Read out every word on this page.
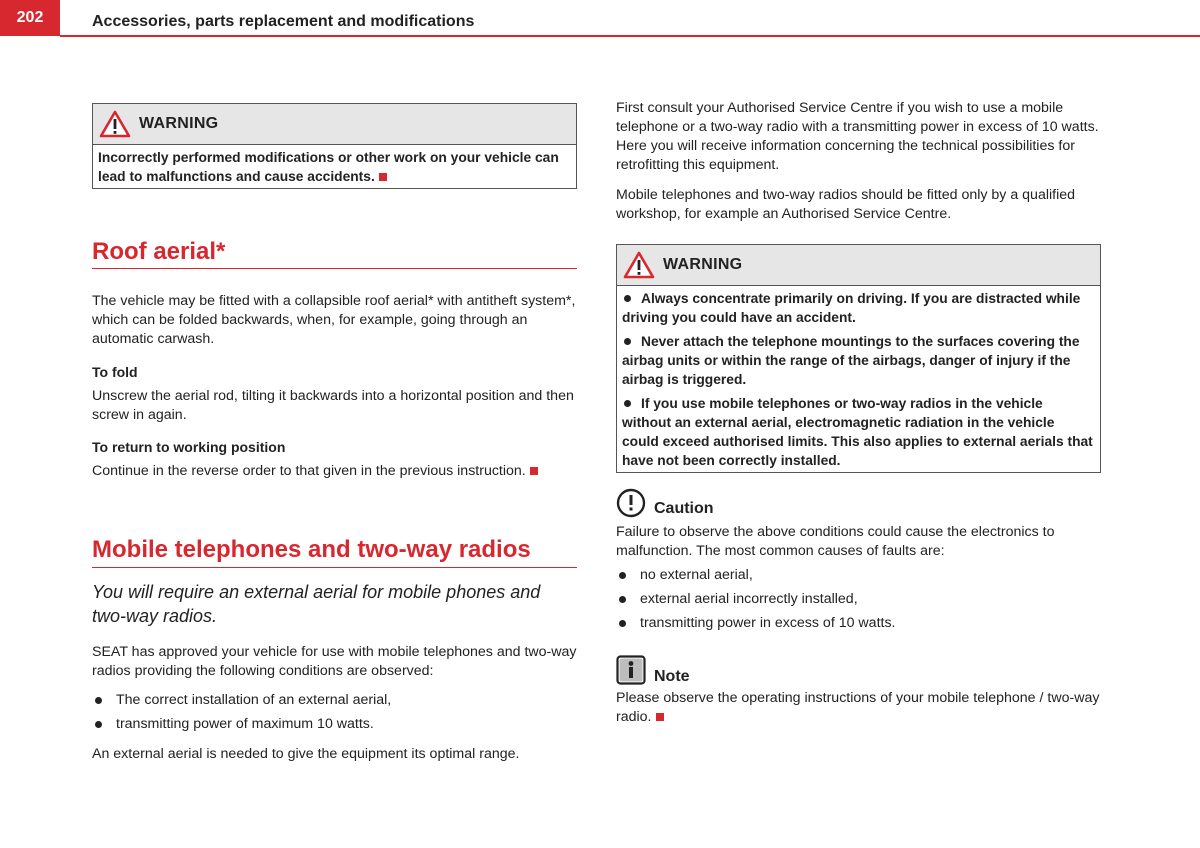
202	Accessories, parts replacement and modifications
WARNING
Incorrectly performed modifications or other work on your vehicle can lead to malfunctions and cause accidents.
Roof aerial*

The vehicle may be fitted with a collapsible roof aerial* with antitheft system*, which can be folded backwards, when, for example, going through an automatic carwash.

To fold

Unscrew the aerial rod, tilting it backwards into a horizontal position and then screw in again.

To return to working position

Continue in the reverse order to that given in the previous instruction.

Mobile telephones and two-way radios
You will require an external aerial for mobile phones and two-way radios.

SEAT has approved your vehicle for use with mobile telephones and two-way radios providing the following conditions are observed:

The correct installation of an external aerial,
transmitting power of maximum 10 watts.

An external aerial is needed to give the equipment its optimal range.

First consult your Authorised Service Centre if you wish to use a mobile telephone or a two-way radio with a transmitting power in excess of 10 watts. Here you will receive information concerning the technical possibilities for retrofitting this equipment.

Mobile telephones and two-way radios should be fitted only by a qualified workshop, for example an Authorised Service Centre.

WARNING
Always concentrate primarily on driving. If you are distracted while driving you could have an accident.
Never attach the telephone mountings to the surfaces covering the airbag units or within the range of the airbags, danger of injury if the airbag is triggered.
If you use mobile telephones or two-way radios in the vehicle without an external aerial, electromagnetic radiation in the vehicle could exceed authorised limits. This also applies to external aerials that have not been correctly installed.
Caution

Failure to observe the above conditions could cause the electronics to malfunction. The most common causes of faults are:

no external aerial,
external aerial incorrectly installed,
transmitting power in excess of 10 watts.
Note

Please observe the operating instructions of your mobile telephone / two-way radio.
